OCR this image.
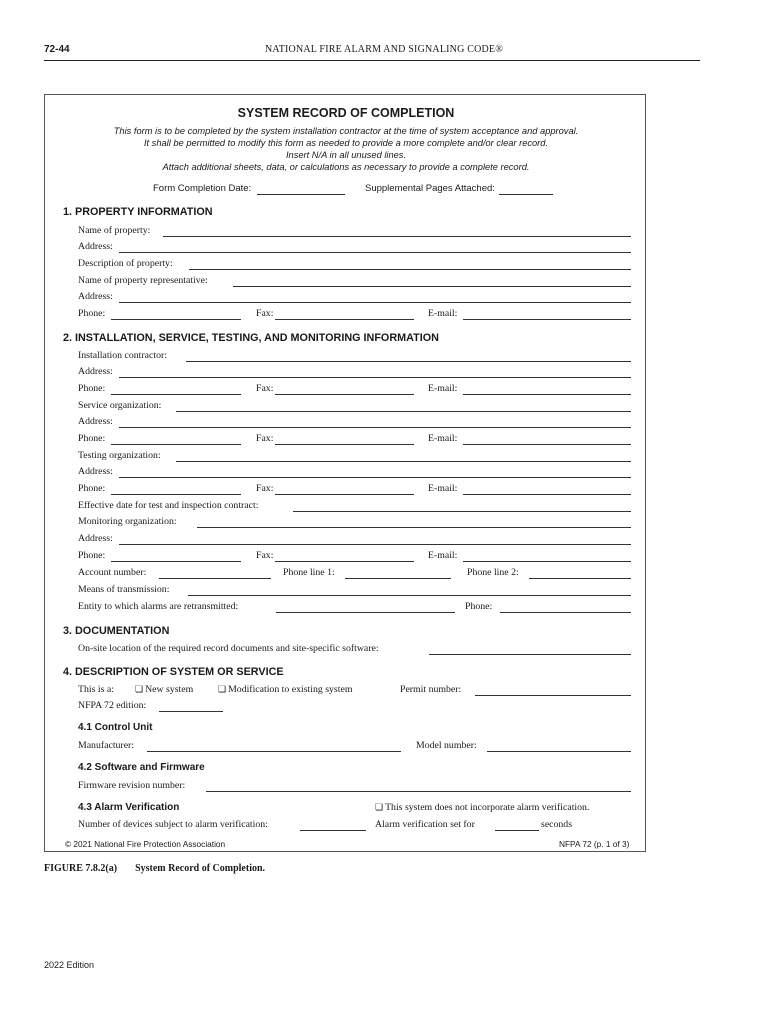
72-44	NATIONAL FIRE ALARM AND SIGNALING CODE®
SYSTEM RECORD OF COMPLETION
This form is to be completed by the system installation contractor at the time of system acceptance and approval.
It shall be permitted to modify this form as needed to provide a more complete and/or clear record.
Insert N/A in all unused lines.
Attach additional sheets, data, or calculations as necessary to provide a complete record.
Form Completion Date:	Supplemental Pages Attached:
1. PROPERTY INFORMATION
Name of property:
Address:
Description of property:
Name of property representative:
Address:
Phone:	Fax:	E-mail:
2. INSTALLATION, SERVICE, TESTING, AND MONITORING INFORMATION
Installation contractor:
Address:
Phone:	Fax:	E-mail:
Service organization:
Address:
Phone:	Fax:	E-mail:
Testing organization:
Address:
Phone:	Fax:	E-mail:
Effective date for test and inspection contract:
Monitoring organization:
Address:
Phone:	Fax:	E-mail:
Account number:	Phone line 1:	Phone line 2:
Means of transmission:
Entity to which alarms are retransmitted:	Phone:
3. DOCUMENTATION
On-site location of the required record documents and site-specific software:
4. DESCRIPTION OF SYSTEM OR SERVICE
This is a: ❏ New system	❏ Modification to existing system	Permit number:
NFPA 72 edition:
4.1 Control Unit
Manufacturer:	Model number:
4.2 Software and Firmware
Firmware revision number:
4.3 Alarm Verification	❏ This system does not incorporate alarm verification.
Number of devices subject to alarm verification:	Alarm verification set for	seconds
© 2021 National Fire Protection Association	NFPA 72 (p. 1 of 3)
FIGURE 7.8.2(a) System Record of Completion.
2022 Edition
